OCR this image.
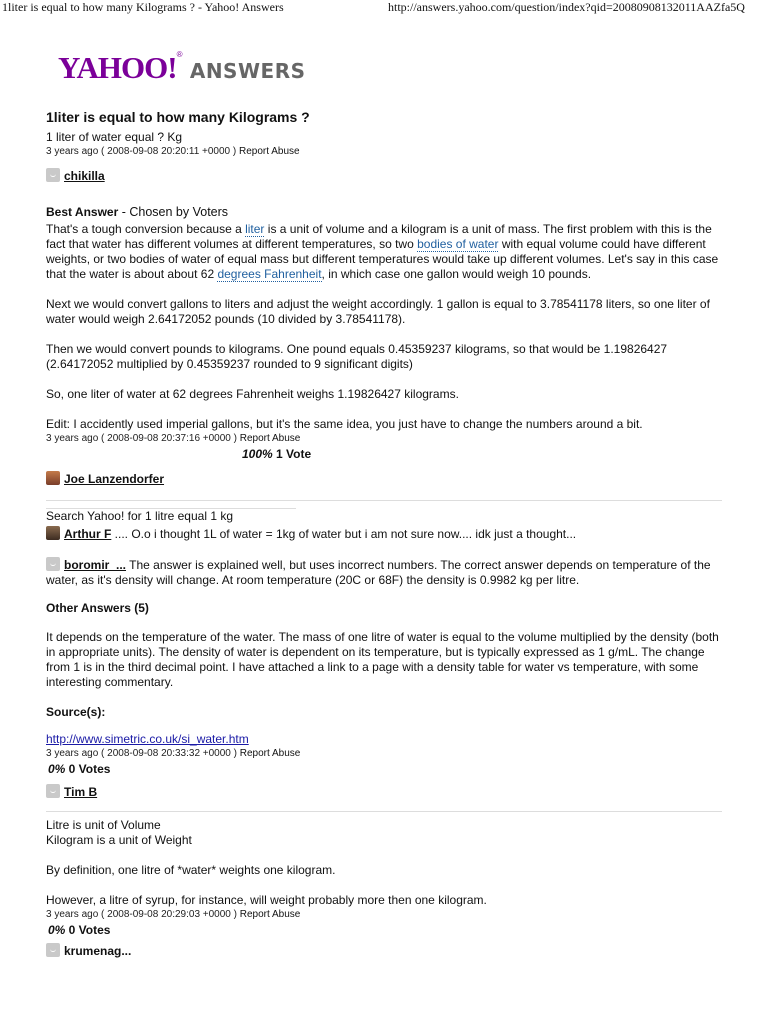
1liter is equal to how many Kilograms ? - Yahoo! Answers	http://answers.yahoo.com/question/index?qid=20080908132011AAZfa5Q
YAHOO!® ANSWERS
1liter is equal to how many Kilograms ?
1 liter of water equal ? Kg
3 years ago ( 2008-09-08 20:20:11 +0000 ) Report Abuse
chikilla
Best Answer - Chosen by Voters

That's a tough conversion because a liter is a unit of volume and a kilogram is a unit of mass. The first problem with this is the fact that water has different volumes at different temperatures, so two bodies of water with equal volume could have different weights, or two bodies of water of equal mass but different temperatures would take up different volumes. Let's say in this case that the water is about about 62 degrees Fahrenheit, in which case one gallon would weigh 10 pounds.

Next we would convert gallons to liters and adjust the weight accordingly. 1 gallon is equal to 3.78541178 liters, so one liter of water would weigh 2.64172052 pounds (10 divided by 3.78541178).

Then we would convert pounds to kilograms. One pound equals 0.45359237 kilograms, so that would be 1.19826427 (2.64172052 multiplied by 0.45359237 rounded to 9 significant digits)

So, one liter of water at 62 degrees Fahrenheit weighs 1.19826427 kilograms.

Edit: I accidently used imperial gallons, but it's the same idea, you just have to change the numbers around a bit.

3 years ago ( 2008-09-08 20:37:16 +0000 ) Report Abuse
100% 1 Vote
Joe Lanzendorfer
Search Yahoo! for 1 litre equal 1 kg
Arthur F .... O.o i thought 1L of water = 1kg of water but i am not sure now.... idk just a thought...

boromir_... The answer is explained well, but uses incorrect numbers. The correct answer depends on temperature of the water, as it's density will change. At room temperature (20C or 68F) the density is 0.9982 kg per litre.

Other Answers (5)

It depends on the temperature of the water. The mass of one litre of water is equal to the volume multiplied by the density (both in appropriate units). The density of water is dependent on its temperature, but is typically expressed as 1 g/mL. The change from 1 is in the third decimal point. I have attached a link to a page with a density table for water vs temperature, with some interesting commentary.

Source(s):
http://www.simetric.co.uk/si_water.htm
3 years ago ( 2008-09-08 20:33:32 +0000 ) Report Abuse
0% 0 Votes
Tim B
Litre is unit of Volume
Kilogram is a unit of Weight

By definition, one litre of *water* weights one kilogram.

However, a litre of syrup, for instance, will weight probably more then one kilogram.

3 years ago ( 2008-09-08 20:29:03 +0000 ) Report Abuse
0% 0 Votes
krumenag...
